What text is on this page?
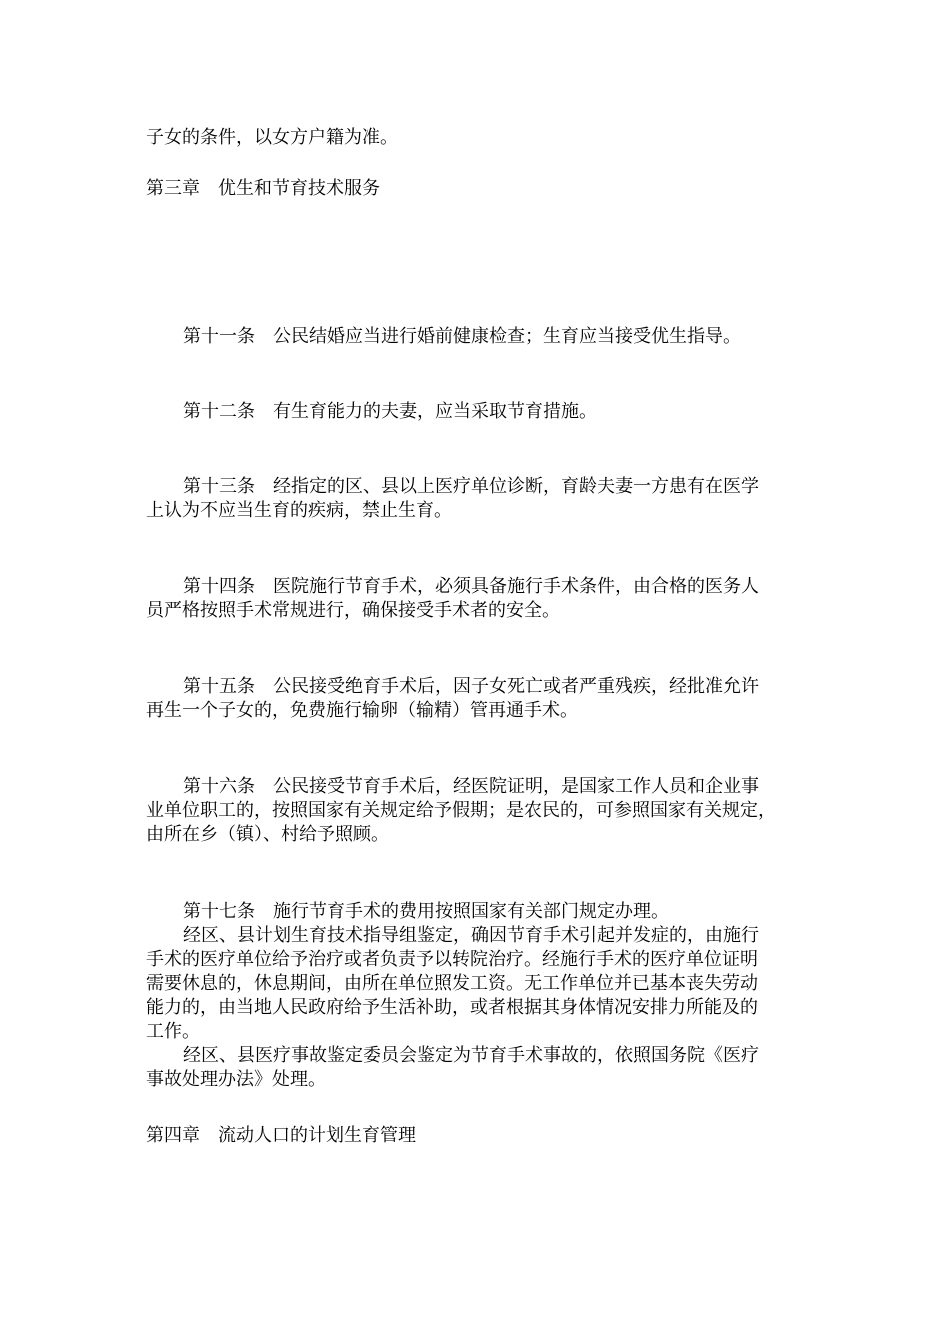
子女的条件，以女方户籍为准。

第三章　优生和节育技术服务

第十一条　公民结婚应当进行婚前健康检查；生育应当接受优生指导。

第十二条　有生育能力的夫妻，应当采取节育措施。

第十三条　经指定的区、县以上医疗单位诊断，育龄夫妻一方患有在医学
上认为不应当生育的疾病，禁止生育。

第十四条　医院施行节育手术，必须具备施行手术条件，由合格的医务人
员严格按照手术常规进行，确保接受手术者的安全。

第十五条　公民接受绝育手术后，因子女死亡或者严重残疾，经批准允许
再生一个子女的，免费施行输卵（输精）管再通手术。

第十六条　公民接受节育手术后，经医院证明，是国家工作人员和企业事
业单位职工的，按照国家有关规定给予假期；是农民的，可参照国家有关规定，
由所在乡（镇）、村给予照顾。

第十七条　施行节育手术的费用按照国家有关部门规定办理。
经区、县计划生育技术指导组鉴定，确因节育手术引起并发症的，由施行
手术的医疗单位给予治疗或者负责予以转院治疗。经施行手术的医疗单位证明
需要休息的，休息期间，由所在单位照发工资。无工作单位并已基本丧失劳动
能力的，由当地人民政府给予生活补助，或者根据其身体情况安排力所能及的
工作。
经区、县医疗事故鉴定委员会鉴定为节育手术事故的，依照国务院《医疗
事故处理办法》处理。

第四章　流动人口的计划生育管理
